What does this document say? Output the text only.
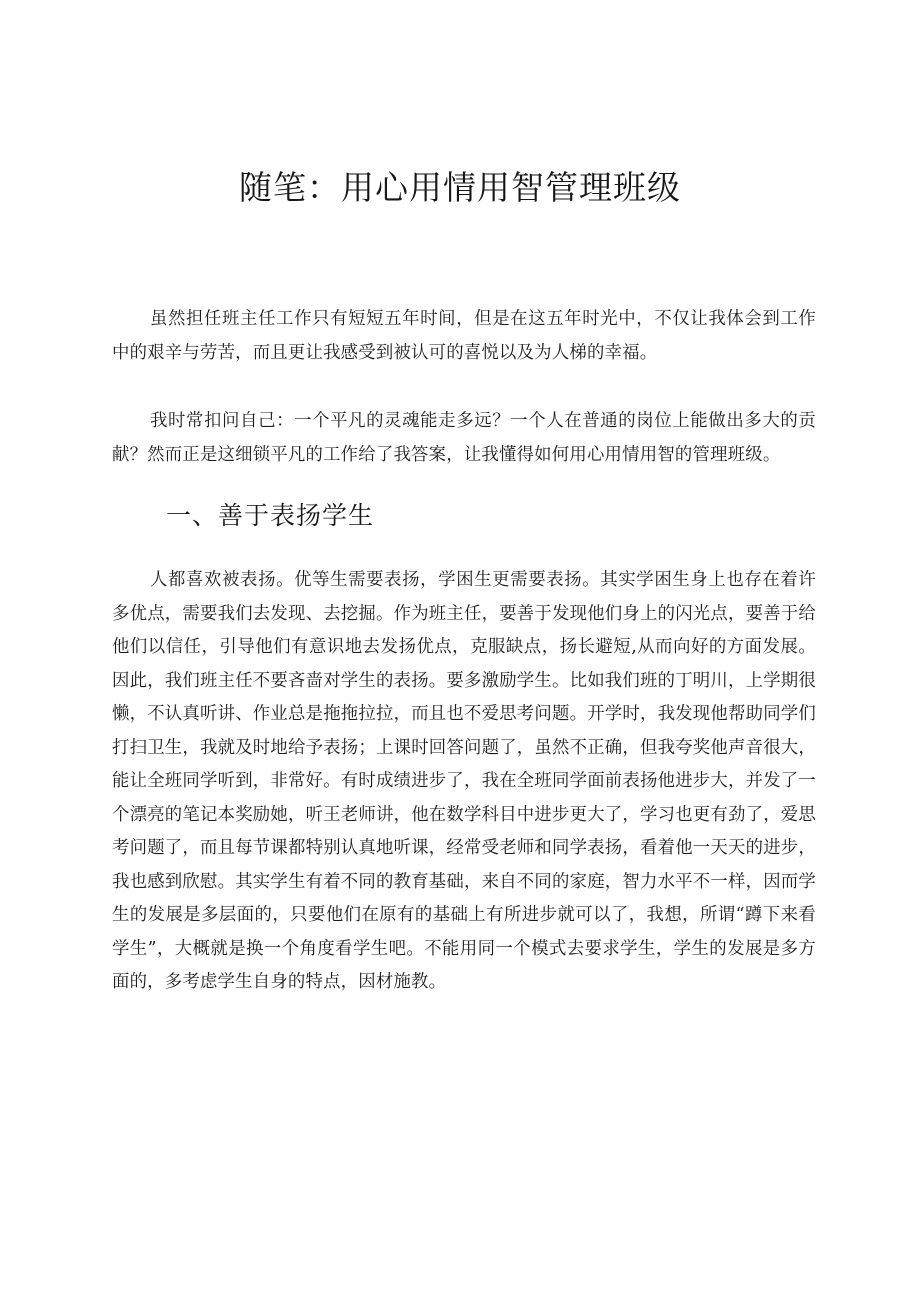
随笔：用心用情用智管理班级

虽然担任班主任工作只有短短五年时间，但是在这五年时光中，不仅让我体会到工作中的艰辛与劳苦，而且更让我感受到被认可的喜悦以及为人梯的幸福。

我时常扣问自己：一个平凡的灵魂能走多远？一个人在普通的岗位上能做出多大的贡献？然而正是这细锁平凡的工作给了我答案，让我懂得如何用心用情用智的管理班级。

一、善于表扬学生

人都喜欢被表扬。优等生需要表扬，学困生更需要表扬。其实学困生身上也存在着许多优点，需要我们去发现、去挖掘。作为班主任，要善于发现他们身上的闪光点，要善于给他们以信任，引导他们有意识地去发扬优点，克服缺点，扬长避短,从而向好的方面发展。因此，我们班主任不要吝啬对学生的表扬。要多激励学生。比如我们班的丁明川，上学期很懒，不认真听讲、作业总是拖拖拉拉，而且也不爱思考问题。开学时，我发现他帮助同学们打扫卫生，我就及时地给予表扬；上课时回答问题了，虽然不正确，但我夸奖他声音很大，能让全班同学听到，非常好。有时成绩进步了，我在全班同学面前表扬他进步大，并发了一个漂亮的笔记本奖励她，听王老师讲，他在数学科目中进步更大了，学习也更有劲了，爱思考问题了，而且每节课都特别认真地听课，经常受老师和同学表扬，看着他一天天的进步，我也感到欣慰。其实学生有着不同的教育基础，来自不同的家庭，智力水平不一样，因而学生的发展是多层面的，只要他们在原有的基础上有所进步就可以了，我想，所谓“蹲下来看学生”，大概就是换一个角度看学生吧。不能用同一个模式去要求学生，学生的发展是多方面的，多考虑学生自身的特点，因材施教。
